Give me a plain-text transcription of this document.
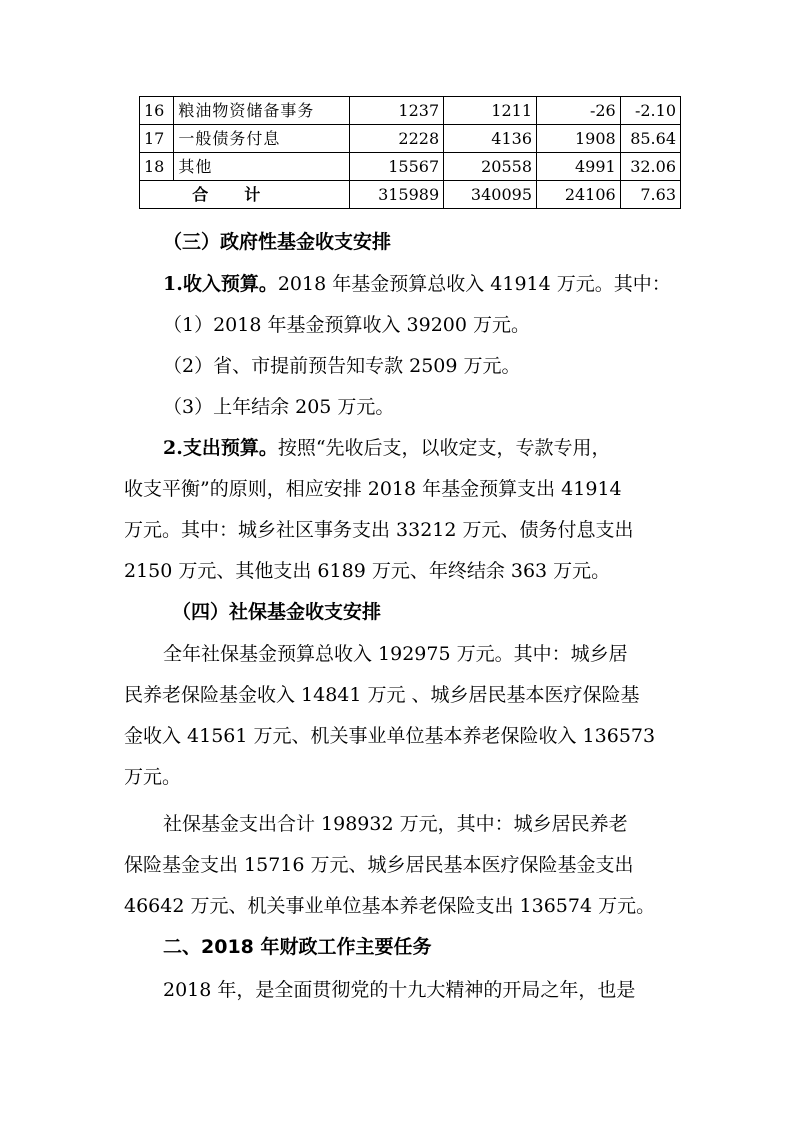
16	粮油物资储备事务	1237	1211	-26	-2.10
17	一般债务付息	2228	4136	1908	85.64
18	其他	15567	20558	4991	32.06
合计		315989	340095	24106	7.63
（三）政府性基金收支安排
1.收入预算。2018 年基金预算总收入 41914 万元。其中：
（1）2018 年基金预算收入 39200 万元。
（2）省、市提前预告知专款 2509 万元。
（3）上年结余 205 万元。
2.支出预算。按照“先收后支，以收定支，专款专用，
收支平衡”的原则，相应安排 2018 年基金预算支出 41914
万元。其中：城乡社区事务支出 33212 万元、债务付息支出
2150 万元、其他支出 6189 万元、年终结余 363 万元。
（四）社保基金收支安排
全年社保基金预算总收入 192975 万元。其中：城乡居
民养老保险基金收入 14841 万元 、城乡居民基本医疗保险基
金收入 41561 万元、机关事业单位基本养老保险收入 136573
万元。
社保基金支出合计 198932 万元，其中：城乡居民养老
保险基金支出 15716 万元、城乡居民基本医疗保险基金支出
46642 万元、机关事业单位基本养老保险支出 136574 万元。
二、2018 年财政工作主要任务
2018 年，是全面贯彻党的十九大精神的开局之年，也是
